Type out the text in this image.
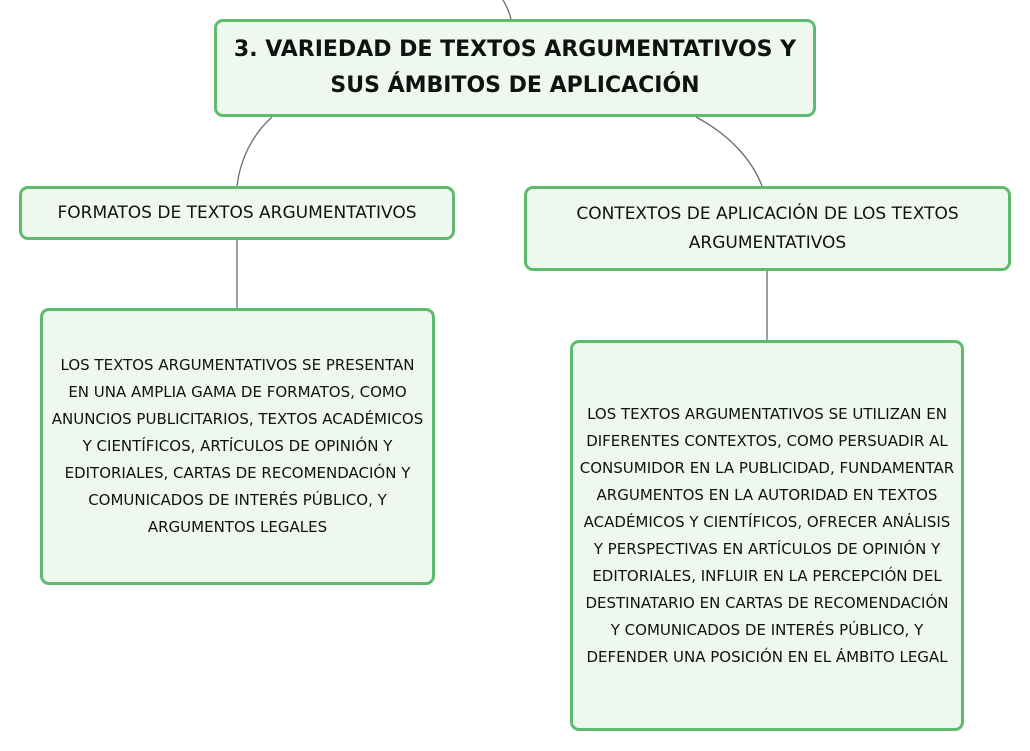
3. VARIEDAD DE TEXTOS ARGUMENTATIVOS Y SUS ÁMBITOS DE APLICACIÓN
FORMATOS DE TEXTOS ARGUMENTATIVOS	CONTEXTOS DE APLICACIÓN DE LOS TEXTOS ARGUMENTATIVOS
LOS TEXTOS ARGUMENTATIVOS SE PRESENTAN EN UNA AMPLIA GAMA DE FORMATOS, COMO ANUNCIOS PUBLICITARIOS, TEXTOS ACADÉMICOS Y CIENTÍFICOS, ARTÍCULOS DE OPINIÓN Y EDITORIALES, CARTAS DE RECOMENDACIÓN Y COMUNICADOS DE INTERÉS PÚBLICO, Y ARGUMENTOS LEGALES
LOS TEXTOS ARGUMENTATIVOS SE UTILIZAN EN DIFERENTES CONTEXTOS, COMO PERSUADIR AL CONSUMIDOR EN LA PUBLICIDAD, FUNDAMENTAR ARGUMENTOS EN LA AUTORIDAD EN TEXTOS ACADÉMICOS Y CIENTÍFICOS, OFRECER ANÁLISIS Y PERSPECTIVAS EN ARTÍCULOS DE OPINIÓN Y EDITORIALES, INFLUIR EN LA PERCEPCIÓN DEL DESTINATARIO EN CARTAS DE RECOMENDACIÓN Y COMUNICADOS DE INTERÉS PÚBLICO, Y DEFENDER UNA POSICIÓN EN EL ÁMBITO LEGAL
